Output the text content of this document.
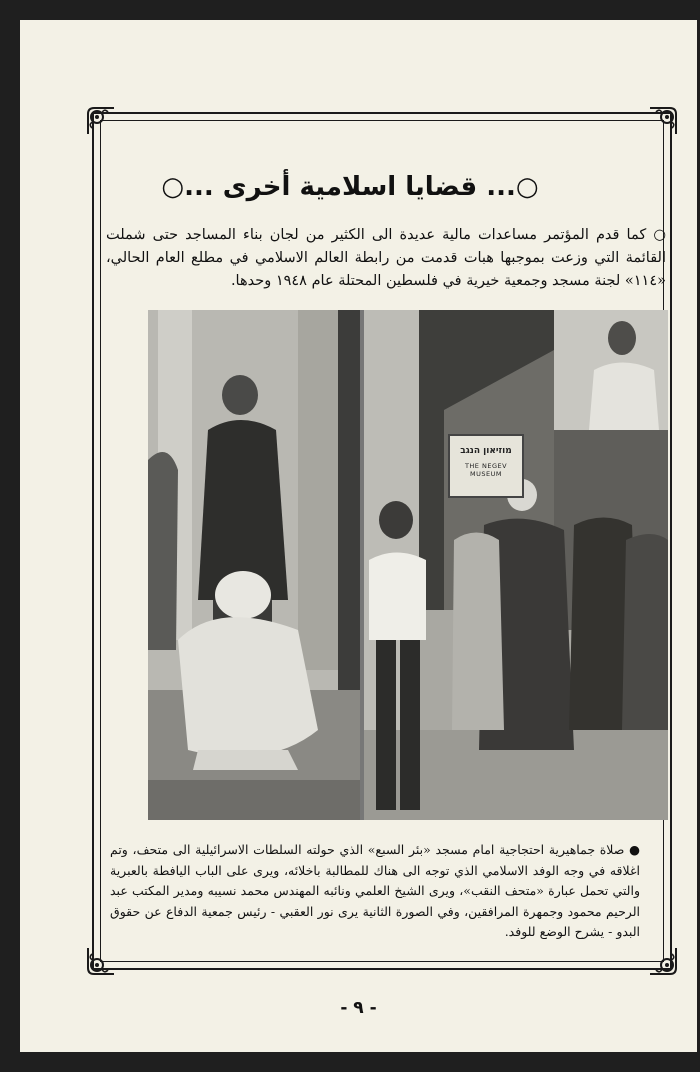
○... قضايا اسلامية أخرى ...○
○ كما قدم المؤتمر مساعدات مالية عديدة الى الكثير من لجان بناء المساجد حتى شملت القائمة التي وزعت بموجبها هبات قدمت من رابطة العالم الاسلامي في مطلع العام الحالي، «١١٤» لجنة مسجد وجمعية خيرية في فلسطين المحتلة عام ١٩٤٨ وحدها.
מוזיאון הנגב
THE NEGEV MUSEUM
● صلاة جماهيرية احتجاجية امام مسجد «بئر السبع» الذي حولته السلطات الاسرائيلية الى متحف، وتم اغلاقه في وجه الوفد الاسلامي الذي توجه الى هناك للمطالبة باخلائه، ويرى على الباب اليافطة بالعبرية والتي تحمل عبارة «متحف النقب»، ويرى الشيخ العلمي ونائبه المهندس محمد نسيبه ومدير المكتب عبد الرحيم محمود وجمهرة المرافقين، وفي الصورة الثانية يرى نور العقبي - رئيس جمعية الدفاع عن حقوق البدو - يشرح الوضع للوفد.
- ٩ -
